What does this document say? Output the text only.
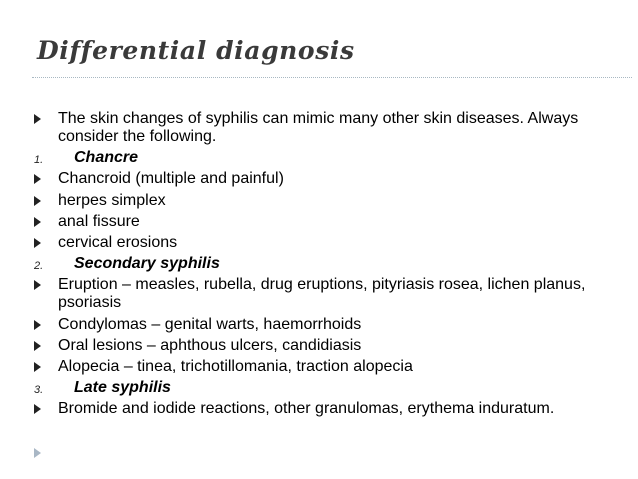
Differential diagnosis
The skin changes of syphilis can mimic many other skin diseases. Always consider the following.
1. Chancre
Chancroid (multiple and painful)
herpes simplex
anal fissure
cervical erosions
2. Secondary syphilis
Eruption – measles, rubella, drug eruptions, pityriasis rosea, lichen planus, psoriasis
Condylomas – genital warts, haemorrhoids
Oral lesions – aphthous ulcers, candidiasis
Alopecia – tinea, trichotillomania, traction alopecia
3. Late syphilis
Bromide and iodide reactions, other granulomas, erythema induratum.
